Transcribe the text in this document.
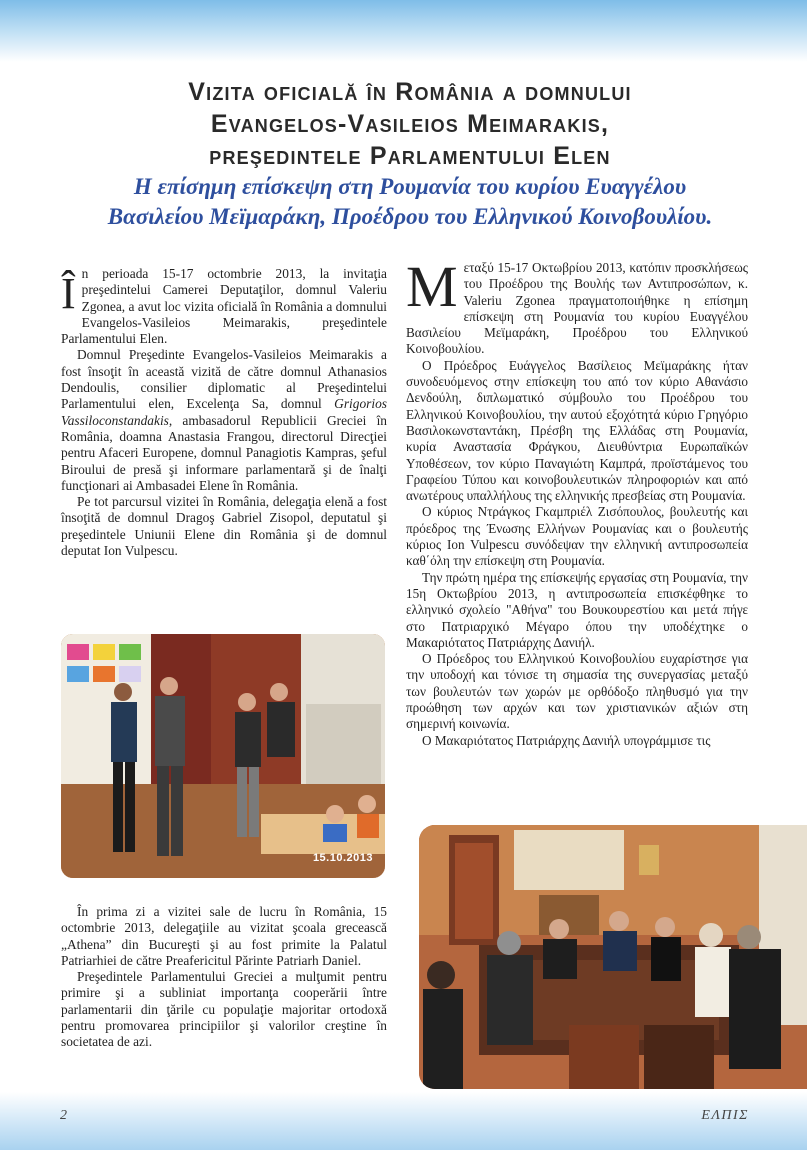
Vizita oficială în România a domnului
Evangelos-Vasileios Meimarakis,
preşedintele Parlamentului Elen
Η επίσημη επίσκεψη στη Ρουμανία του κυρίου Ευαγγέλου
Βασιλείου Μεϊμαράκη, Προέδρου του Ελληνικού Κοινοβουλίου.

În perioada 15-17 octombrie 2013, la invitaţia preşedintelui Camerei Deputaţilor, domnul Valeriu Zgonea, a avut loc vizita oficială în România a domnului Evangelos-Vasileios Meimarakis, preşedintele Parlamentului Elen.

Domnul Preşedinte Evangelos-Vasileios Meimarakis a fost însoţit în această vizită de către domnul Athanasios Dendoulis, consilier diplomatic al Preşedintelui Parlamentului elen, Excelenţa Sa, domnul Grigorios Vassiloconstandakis, ambasadorul Republicii Greciei în România, doamna Anastasia Frangou, directorul Direcţiei pentru Afaceri Europene, domnul Panagiotis Kampras, şeful Biroului de presă şi informare parlamentară şi de înalţi funcţionari ai Ambasadei Elene în România.

Pe tot parcursul vizitei în România, delegaţia elenă a fost însoţită de domnul Dragoş Gabriel Zisopol, deputatul şi preşedintele Uniunii Elene din România şi de domnul deputat Ion Vulpescu.

15.10.2013

În prima zi a vizitei sale de lucru în România, 15 octombrie 2013, delegaţiile au vizitat şcoala grecească „Athena” din Bucureşti şi au fost primite la Palatul Patriarhiei de către Preafericitul Părinte Patriarh Daniel.

Preşedintele Parlamentului Greciei a mulţumit pentru primire şi a subliniat importanţa cooperării între parlamentarii din ţările cu populaţie majoritar ortodoxă pentru promovarea principiilor şi valorilor creştine în societatea de azi.

Μεταξύ 15-17 Οκτωβρίου 2013, κατόπιν προσκλήσεως του Προέδρου της Βουλής των Αντιπροσώπων, κ. Valeriu Zgonea πραγματοποιήθηκε η επίσημη επίσκεψη στη Ρουμανία του κυρίου Ευαγγέλου Βασιλείου Μεϊμαράκη, Προέδρου του Ελληνικού Κοινοβουλίου.

Ο Πρόεδρος Ευάγγελος Βασίλειος Μεϊμαράκης ήταν συνοδευόμενος στην επίσκεψη του από τον κύριο Αθανάσιο Δενδούλη, διπλωματικό σύμβουλο του Προέδρου του Ελληνικού Κοινοβουλίου, την αυτού εξοχότητά κύριο Γρηγόριο Βασιλοκωνσταντάκη, Πρέσβη της Ελλάδας στη Ρουμανία, κυρία Αναστασία Φράγκου, Διευθύντρια Ευρωπαϊκών Υποθέσεων, τον κύριο Παναγιώτη Καμπρά, προϊστάμενος του Γραφείου Τύπου και κοινοβουλευτικών πληροφοριών και από ανωτέρους υπαλλήλους της ελληνικής πρεσβείας στη Ρουμανία.

Ο κύριος Ντράγκος Γκαμπριέλ Ζισόπουλος, βουλευτής και πρόεδρος της Ένωσης Ελλήνων Ρουμανίας και ο βουλευτής κύριος Ion Vulpescu συνόδεψαν την ελληνική αντιπροσωπεία καθ΄όλη την επίσκεψη στη Ρουμανία.

Την πρώτη ημέρα της επίσκεψής εργασίας στη Ρουμανία, την 15η Οκτωβρίου 2013, η αντιπροσωπεία επισκέφθηκε το ελληνικό σχολείο "Αθήνα" του Βουκουρεστίου και μετά πήγε στο Πατριαρχικό Μέγαρο όπου την υποδέχτηκε ο Μακαριότατος Πατριάρχης Δανιήλ.

Ο Πρόεδρος του Ελληνικού Κοινοβουλίου ευχαρίστησε για την υποδοχή και τόνισε τη σημασία της συνεργασίας μεταξύ των βουλευτών των χωρών με ορθόδοξο πληθυσμό για την προώθηση των αρχών και των χριστιανικών αξιών στη σημερινή κοινωνία.

Ο Μακαριότατος Πατριάρχης Δανιήλ υπογράμμισε τις

2	ΕΛΠΙΣ
